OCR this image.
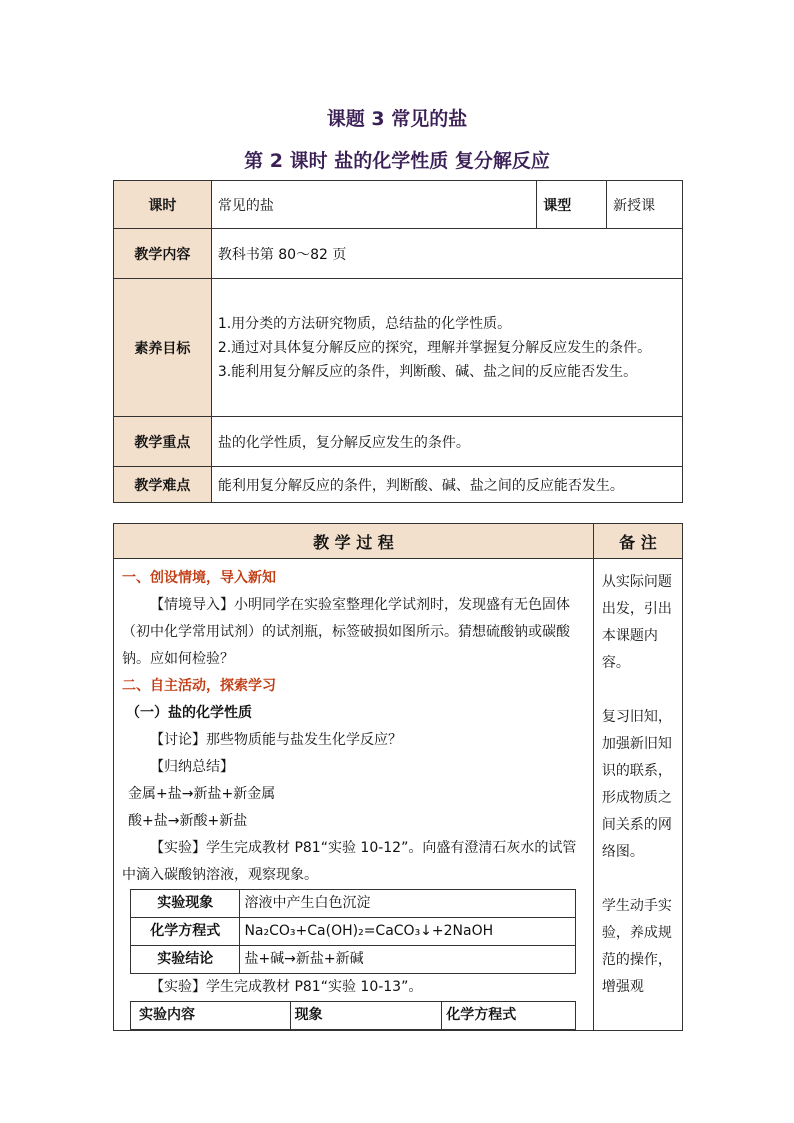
课题 3 常见的盐
第 2 课时 盐的化学性质 复分解反应
课时	常见的盐	课型	新授课
教学内容	教科书第 80～82 页		
素养目标	1.用分类的方法研究物质，总结盐的化学性质。
2.通过对具体复分解反应的探究，理解并掌握复分解反应发生的条件。
3.能利用复分解反应的条件，判断酸、碱、盐之间的反应能否发生。		

教学重点	盐的化学性质，复分解反应发生的条件。		
教学难点	能利用复分解反应的条件，判断酸、碱、盐之间的反应能否发生。		
教 学 过 程	备 注

一、创设情境，导入新知
【情境导入】小明同学在实验室整理化学试剂时，发现盛有无色固体（初中化学常用试剂）的试剂瓶，标签破损如图所示。猜想硫酸钠或碳酸钠。应如何检验？
二、自主活动，探索学习
（一）盐的化学性质
【讨论】那些物质能与盐发生化学反应？
【归纳总结】
金属+盐→新盐+新金属
酸+盐→新酸+新盐
【实验】学生完成教材 P81“实验 10-12”。向盛有澄清石灰水的试管中滴入碳酸钠溶液，观察现象。
实验现象	溶液中产生白色沉淀
化学方程式	Na₂CO₃+Ca(OH)₂=CaCO₃↓+2NaOH
实验结论	盐+碱→新盐+新碱
【实验】学生完成教材 P81“实验 10-13”。
实验内容	现象	化学方程式

从实际问题出发，引出本课题内容。

复习旧知，加强新旧知识的联系，形成物质之间关系的网络图。

学生动手实验，养成规范的操作，增强观
